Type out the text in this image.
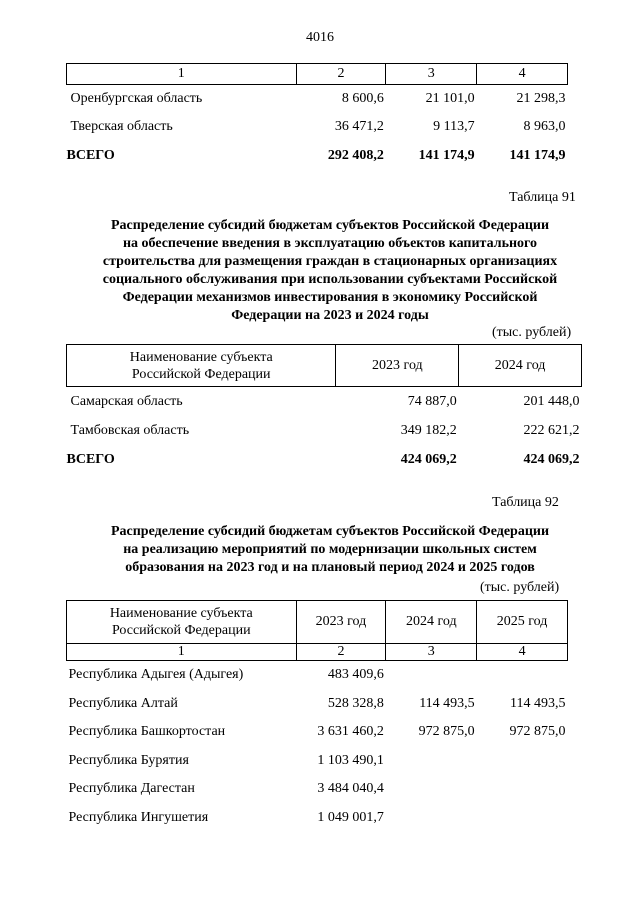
4016
1	2	3	4
Оренбургская область	8 600,6	21 101,0	21 298,3
Тверская область	36 471,2	9 113,7	8 963,0
ВСЕГО	292 408,2	141 174,9	141 174,9
Таблица 91
Распределение субсидий бюджетам субъектов Российской Федерации
на обеспечение введения в эксплуатацию объектов капитального
строительства для размещения граждан в стационарных организациях
социального обслуживания при использовании субъектами Российской
Федерации механизмов инвестирования в экономику Российской
Федерации на 2023 и 2024 годы
(тыс. рублей)
Наименование субъекта
Российской Федерации	2023 год	2024 год
Самарская область	74 887,0	201 448,0
Тамбовская область	349 182,2	222 621,2
ВСЕГО	424 069,2	424 069,2
Таблица 92
Распределение субсидий бюджетам субъектов Российской Федерации
на реализацию мероприятий по модернизации школьных систем
образования на 2023 год и на плановый период 2024 и 2025 годов
(тыс. рублей)
Наименование субъекта
Российской Федерации	2023 год	2024 год	2025 год
1	2	3	4
Республика Адыгея (Адыгея)	483 409,6		
Республика Алтай	528 328,8	114 493,5	114 493,5
Республика Башкортостан	3 631 460,2	972 875,0	972 875,0
Республика Бурятия	1 103 490,1		
Республика Дагестан	3 484 040,4		
Республика Ингушетия	1 049 001,7		
